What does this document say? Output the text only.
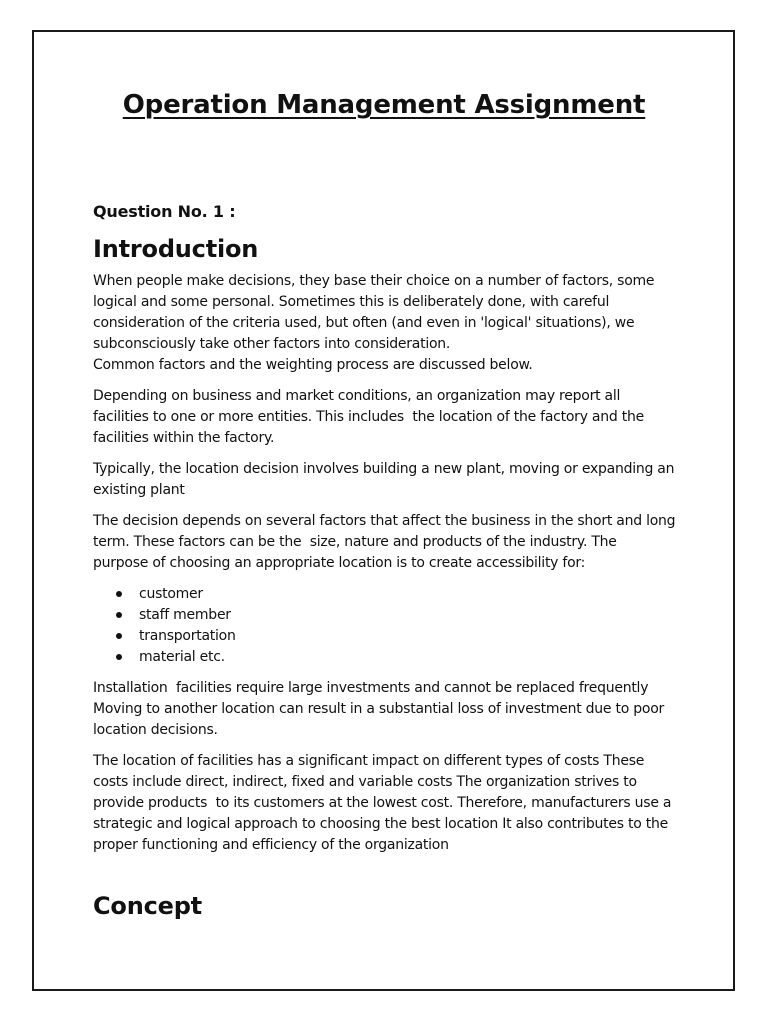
Operation Management Assignment

Question No. 1 :

Introduction

When people make decisions, they base their choice on a number of factors, some
logical and some personal. Sometimes this is deliberately done, with careful
consideration of the criteria used, but often (and even in 'logical' situations), we
subconsciously take other factors into consideration.
Common factors and the weighting process are discussed below.

Depending on business and market conditions, an organization may report all
facilities to one or more entities. This includes  the location of the factory and the
facilities within the factory.

Typically, the location decision involves building a new plant, moving or expanding an
existing plant

The decision depends on several factors that affect the business in the short and long
term. These factors can be the  size, nature and products of the industry. The
purpose of choosing an appropriate location is to create accessibility for:

customer
staff member
transportation
material etc.

Installation  facilities require large investments and cannot be replaced frequently
Moving to another location can result in a substantial loss of investment due to poor
location decisions.

The location of facilities has a significant impact on different types of costs These
costs include direct, indirect, fixed and variable costs The organization strives to
provide products  to its customers at the lowest cost. Therefore, manufacturers use a
strategic and logical approach to choosing the best location It also contributes to the
proper functioning and efficiency of the organization

Concept
